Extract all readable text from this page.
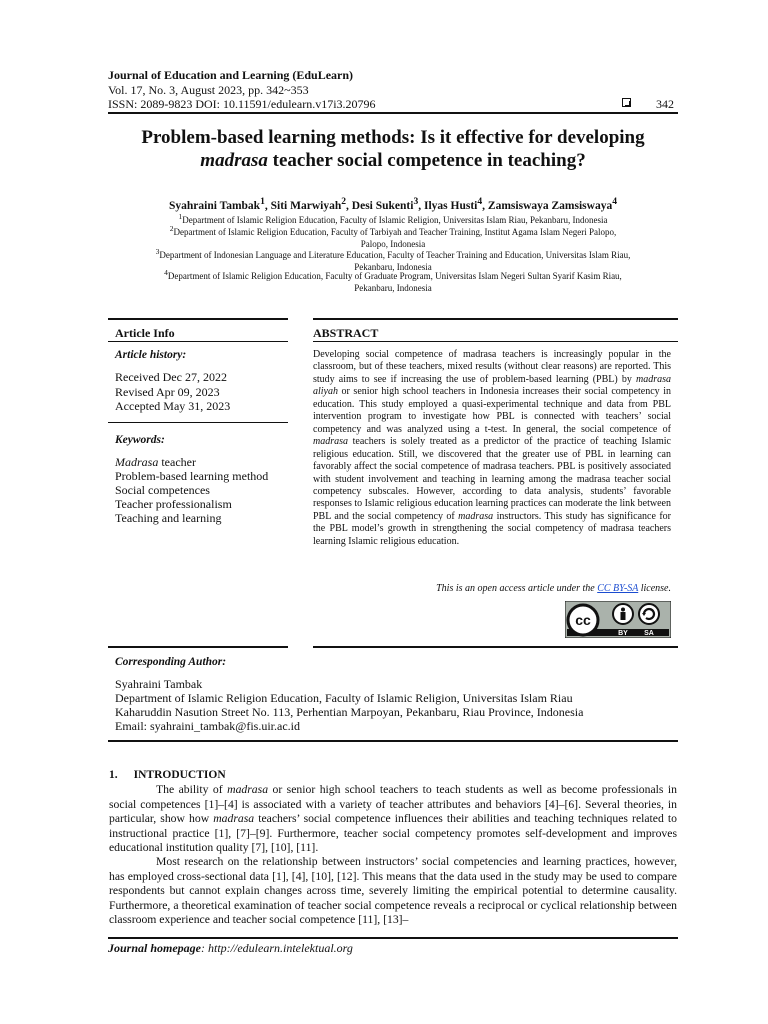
Journal of Education and Learning (EduLearn)
Vol. 17, No. 3, August 2023, pp. 342~353
ISSN: 2089-9823 DOI: 10.11591/edulearn.v17i3.20796	342
Problem-based learning methods: Is it effective for developing
madrasa teacher social competence in teaching?
Syahraini Tambak$^1$, Siti Marwiyah$^2$, Desi Sukenti$^3$, Ilyas Husti$^4$, Zamsiswaya Zamsiswaya$^4$
$^1$Department of Islamic Religion Education, Faculty of Islamic Religion, Universitas Islam Riau, Pekanbaru, Indonesia
$^2$Department of Islamic Religion Education, Faculty of Tarbiyah and Teacher Training, Institut Agama Islam Negeri Palopo,
Palopo, Indonesia
$^3$Department of Indonesian Language and Literature Education, Faculty of Teacher Training and Education, Universitas Islam Riau,
Pekanbaru, Indonesia
$^4$Department of Islamic Religion Education, Faculty of Graduate Program, Universitas Islam Negeri Sultan Syarif Kasim Riau,
Pekanbaru, Indonesia
Article Info	ABSTRACT
Article history:
Received Dec 27, 2022
Revised Apr 09, 2023
Accepted May 31, 2023
Keywords:
Madrasa teacher
Problem-based learning method
Social competences
Teacher professionalism
Teaching and learning
Developing social competence of madrasa teachers is increasingly popular in the classroom, but of these teachers, mixed results (without clear reasons) are reported. This study aims to see if increasing the use of problem-based learning (PBL) by madrasa aliyah or senior high school teachers in Indonesia increases their social competency in education. This study employed a quasi-experimental technique and data from PBL intervention program to investigate how PBL is connected with teachers’ social competency and was analyzed using a t-test. In general, the social competence of madrasa teachers is solely treated as a predictor of the practice of teaching Islamic religious education. Still, we discovered that the greater use of PBL in learning can favorably affect the social competence of madrasa teachers. PBL is positively associated with student involvement and teaching in learning among the madrasa teacher social competency subscales. However, according to data analysis, students’ favorable responses to Islamic religious education learning practices can moderate the link between PBL and the social competency of madrasa instructors. This study has significance for the PBL model’s growth in strengthening the social competency of madrasa teachers learning Islamic religious education.
This is an open access article under the CC BY-SA license.
cc
BY SA
Corresponding Author:
Syahraini Tambak
Department of Islamic Religion Education, Faculty of Islamic Religion, Universitas Islam Riau
Kaharuddin Nasution Street No. 113, Perhentian Marpoyan, Pekanbaru, Riau Province, Indonesia
Email: syahraini_tambak@fis.uir.ac.id
1. INTRODUCTION
The ability of madrasa or senior high school teachers to teach students as well as become professionals in social competences [1]–[4] is associated with a variety of teacher attributes and behaviors [4]–[6]. Several theories, in particular, show how madrasa teachers’ social competence influences their abilities and teaching techniques related to instructional practice [1], [7]–[9]. Furthermore, teacher social competency promotes self-development and improves educational institution quality [7], [10], [11].
Most research on the relationship between instructors’ social competencies and learning practices, however, has employed cross-sectional data [1], [4], [10], [12]. This means that the data used in the study may be used to compare respondents but cannot explain changes across time, severely limiting the empirical potential to determine causality. Furthermore, a theoretical examination of teacher social competence reveals a reciprocal or cyclical relationship between classroom experience and teacher social competence [11], [13]–
Journal homepage: http://edulearn.intelektual.org
